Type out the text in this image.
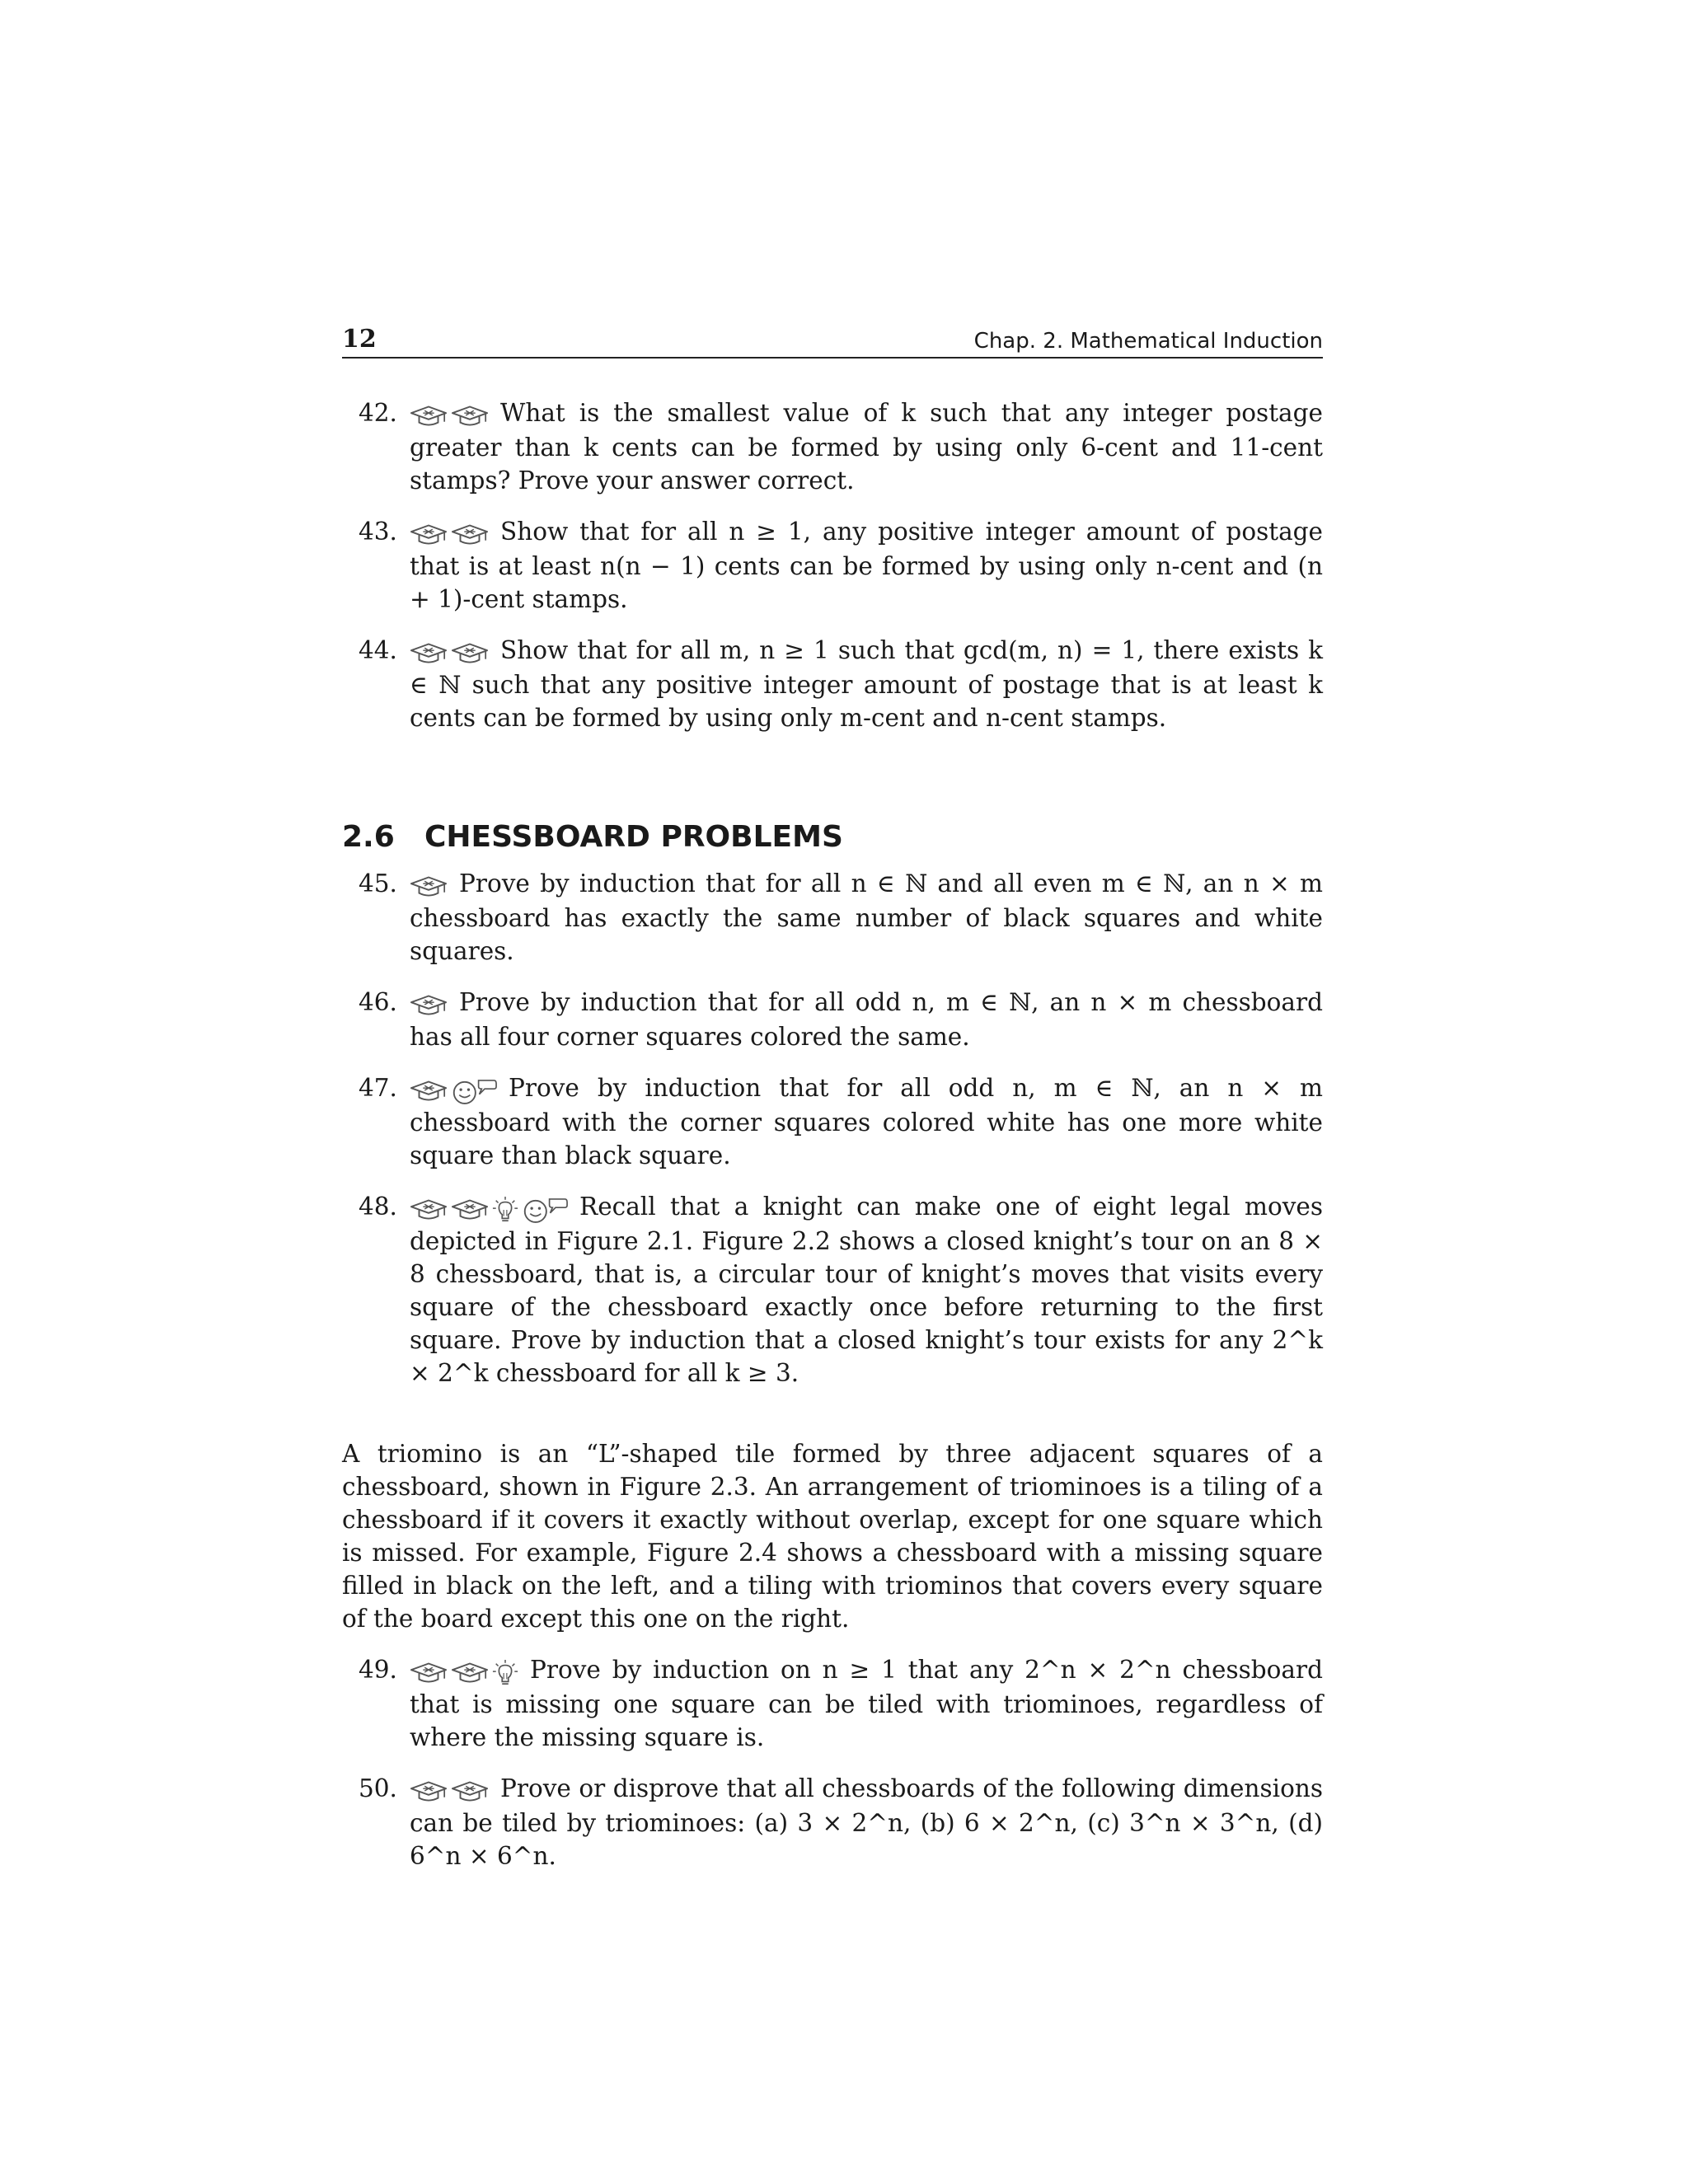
12	Chap. 2. Mathematical Induction
42.	What is the smallest value of k such that any integer postage greater than k cents can be formed by using only 6-cent and 11-cent stamps? Prove your answer correct.
43.	Show that for all n ≥ 1, any positive integer amount of postage that is at least n(n − 1) cents can be formed by using only n-cent and (n + 1)-cent stamps.
44.	Show that for all m, n ≥ 1 such that gcd(m, n) = 1, there exists k ∈ ℕ such that any positive integer amount of postage that is at least k cents can be formed by using only m-cent and n-cent stamps.
2.6 CHESSBOARD PROBLEMS
45.	Prove by induction that for all n ∈ ℕ and all even m ∈ ℕ, an n × m chessboard has exactly the same number of black squares and white squares.
46.	Prove by induction that for all odd n, m ∈ ℕ, an n × m chessboard has all four corner squares colored the same.
47.	Prove by induction that for all odd n, m ∈ ℕ, an n × m chessboard with the corner squares colored white has one more white square than black square.
48.	Recall that a knight can make one of eight legal moves depicted in Figure 2.1. Figure 2.2 shows a closed knight’s tour on an 8 × 8 chessboard, that is, a circular tour of knight’s moves that visits every square of the chessboard exactly once before returning to the first square. Prove by induction that a closed knight’s tour exists for any 2^k × 2^k chessboard for all k ≥ 3.

A triomino is an “L”-shaped tile formed by three adjacent squares of a chessboard, shown in Figure 2.3. An arrangement of triominoes is a tiling of a chessboard if it covers it exactly without overlap, except for one square which is missed. For example, Figure 2.4 shows a chessboard with a missing square filled in black on the left, and a tiling with triominos that covers every square of the board except this one on the right.

49.	Prove by induction on n ≥ 1 that any 2^n × 2^n chessboard that is missing one square can be tiled with triominoes, regardless of where the missing square is.
50.	Prove or disprove that all chessboards of the following dimensions can be tiled by triominoes: (a) 3 × 2^n, (b) 6 × 2^n, (c) 3^n × 3^n, (d) 6^n × 6^n.
